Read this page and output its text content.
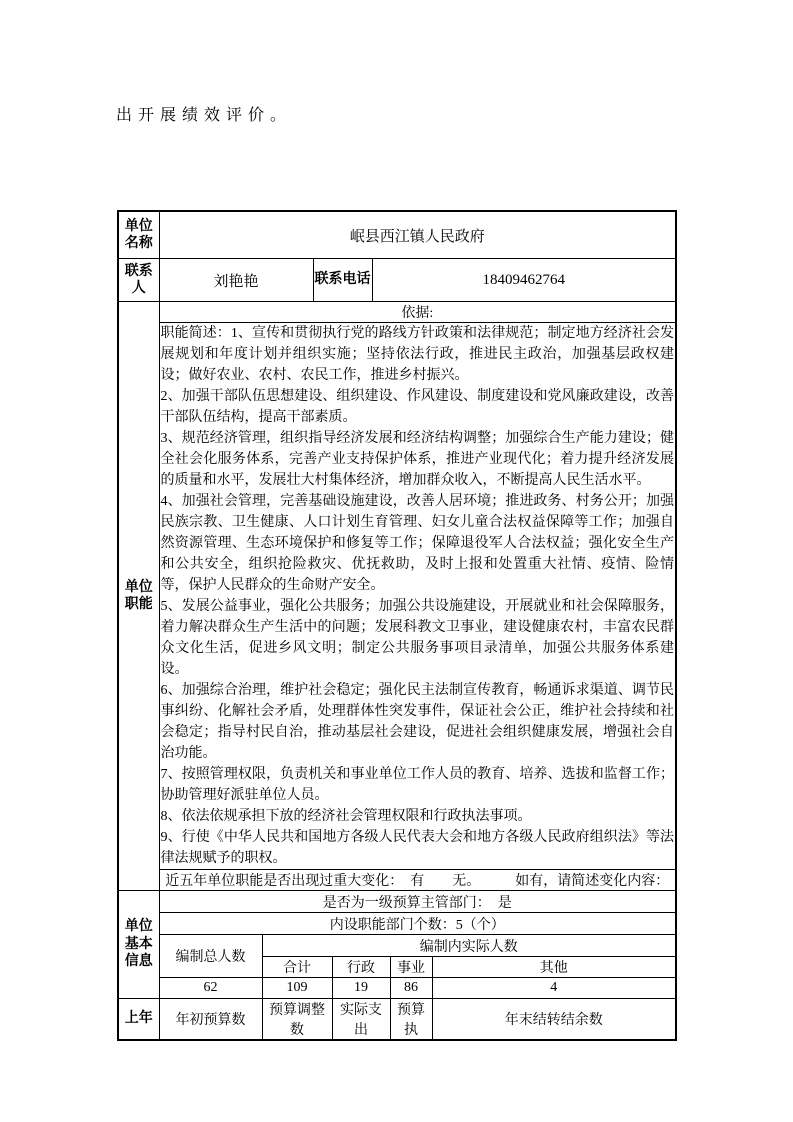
出开展绩效评价。
单位名称	岷县西江镇人民政府						
联系人	刘艳艳		联系电话		18409462764		
单位职能	依据:						

职能简述：1、宣传和贯彻执行党的路线方针政策和法律规范；制定地方经济社会发展规划和年度计划并组织实施；坚持依法行政，推进民主政治，加强基层政权建设；做好农业、农村、农民工作，推进乡村振兴。
2、加强干部队伍思想建设、组织建设、作风建设、制度建设和党风廉政建设，改善干部队伍结构，提高干部素质。
3、规范经济管理，组织指导经济发展和经济结构调整；加强综合生产能力建设；健全社会化服务体系，完善产业支持保护体系，推进产业现代化；着力提升经济发展的质量和水平，发展壮大村集体经济，增加群众收入，不断提高人民生活水平。
4、加强社会管理，完善基础设施建设，改善人居环境；推进政务、村务公开；加强民族宗教、卫生健康、人口计划生育管理、妇女儿童合法权益保障等工作；加强自然资源管理、生态环境保护和修复等工作；保障退役军人合法权益；强化安全生产和公共安全，组织抢险救灾、优抚救助，及时上报和处置重大社情、疫情、险情等，保护人民群众的生命财产安全。
5、发展公益事业，强化公共服务；加强公共设施建设，开展就业和社会保障服务，着力解决群众生产生活中的问题；发展科教文卫事业，建设健康农村，丰富农民群众文化生活，促进乡风文明；制定公共服务事项目录清单，加强公共服务体系建设。
6、加强综合治理，维护社会稳定；强化民主法制宣传教育，畅通诉求渠道、调节民事纠纷、化解社会矛盾，处理群体性突发事件，保证社会公正，维护社会持续和社会稳定；指导村民自治，推动基层社会建设，促进社会组织健康发展，增强社会自治功能。
7、按照管理权限，负责机关和事业单位工作人员的教育、培养、选拔和监督工作；协助管理好派驻单位人员。
8、依法依规承担下放的经济社会管理权限和行政执法事项。
9、行使《中华人民共和国地方各级人民代表大会和地方各级人民政府组织法》等法律法规赋予的职权。

	近五年单位职能是否出现过重大变化：　有　　无。　　　如有，请简述变化内容：						
单位基本信息	是否为一级预算主管部门：　是						
	内设职能部门个数：5（个）						
	编制总人数	编制内实际人数					
		合计		行政		事业	其他
	62	109		19		86	4
上年	年初预算数	预算调整数		实际支出		预算执	年末结转结余数
